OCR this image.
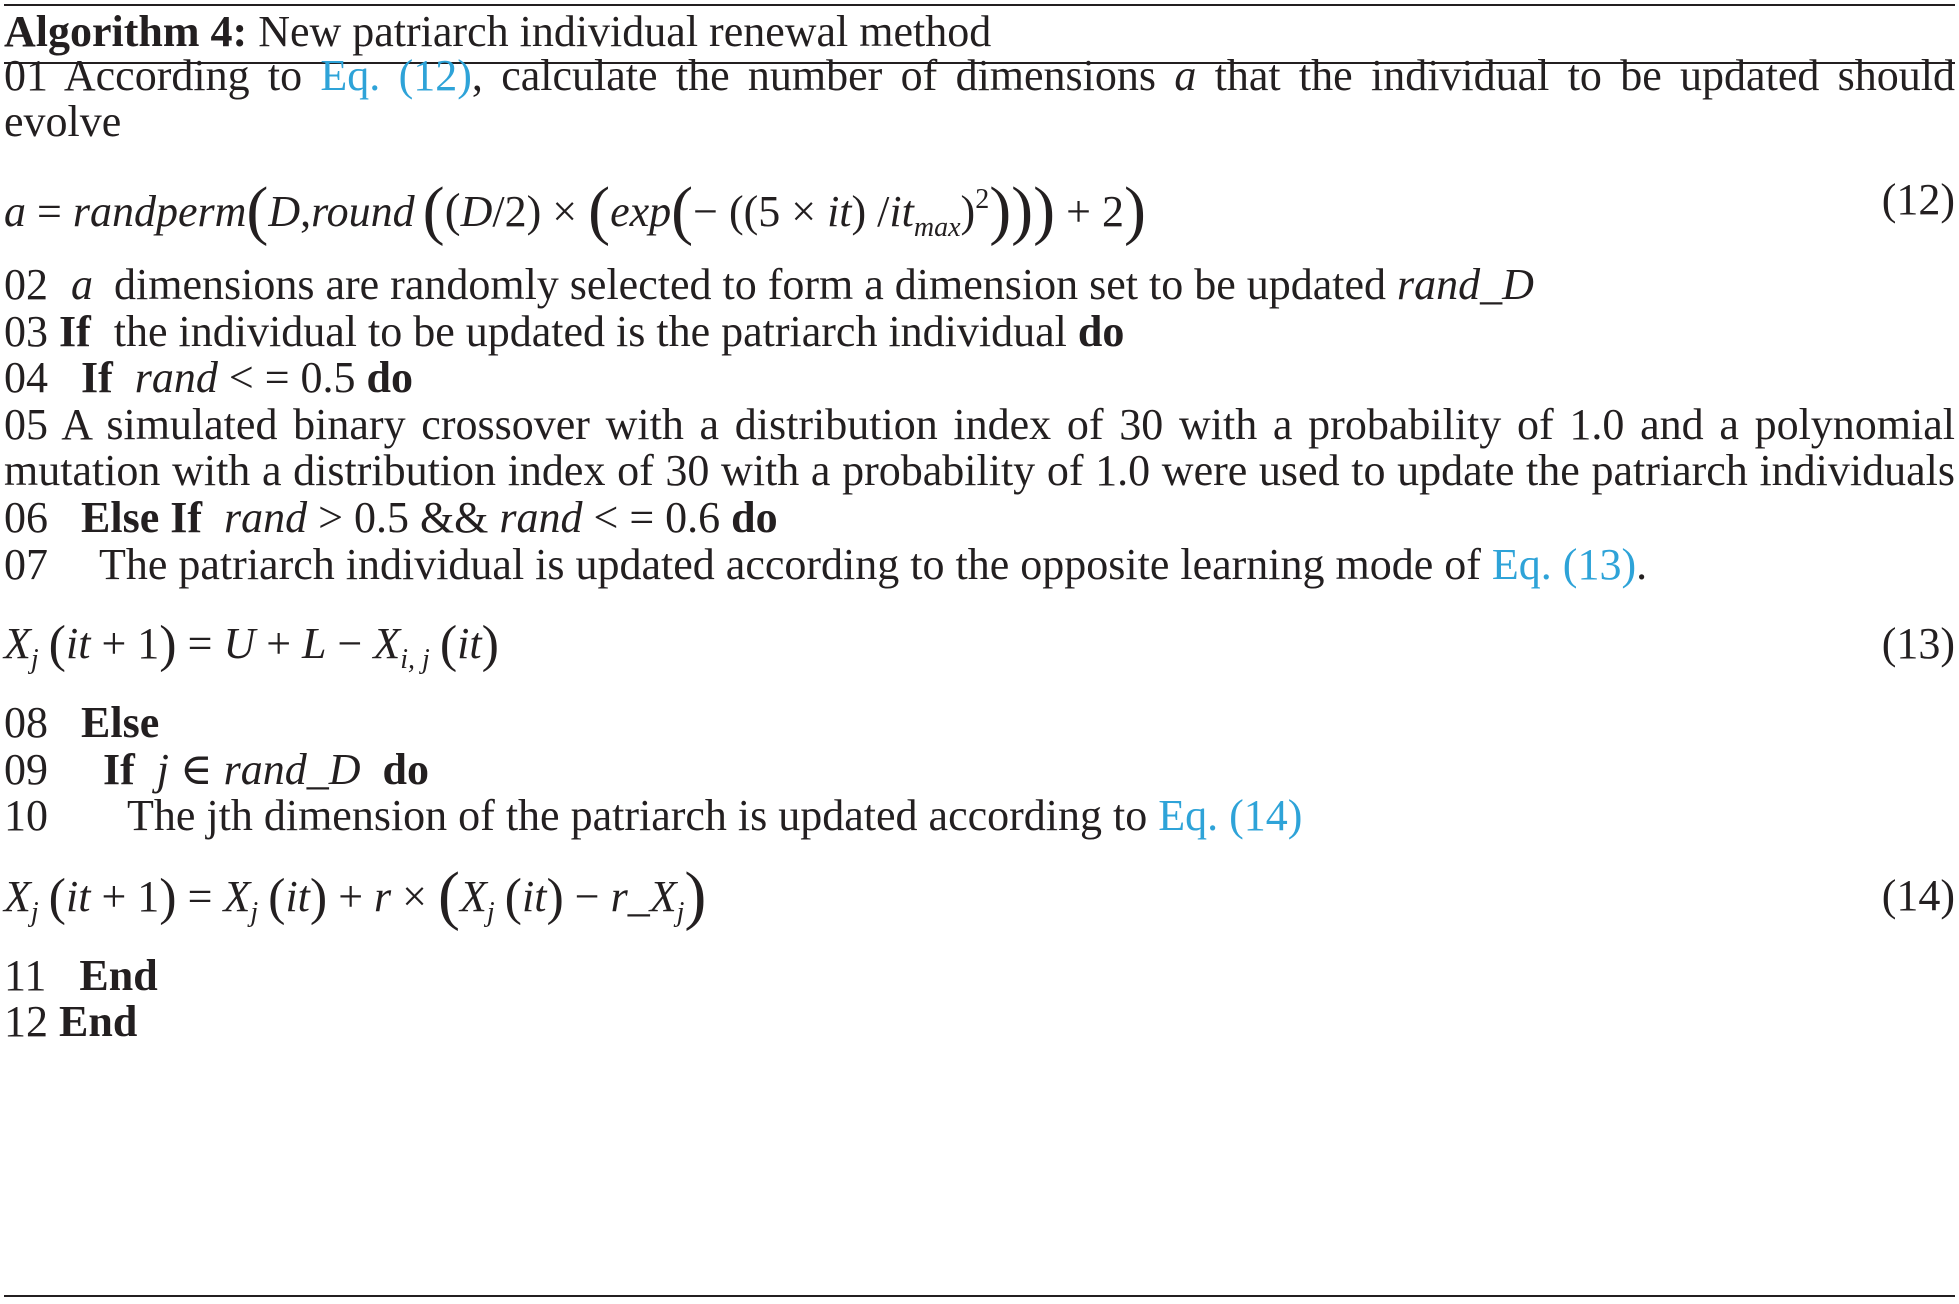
Algorithm 4: New patriarch individual renewal method
01 According to Eq. (12), calculate the number of dimensions a that the individual to be updated should
evolve
a = randperm(D,round ((D/2) × (exp(− ((5 × it) $/it_{max})^2))) + 2$)	(12)
02 a dimensions are randomly selected to form a dimension set to be updated rand_D
03 If the individual to be updated is the patriarch individual do
04 If rand < = 0.5 do
05 A simulated binary crossover with a distribution index of 30 with a probability of 1.0 and a polynomial
mutation with a distribution index of 30 with a probability of 1.0 were used to update the patriarch individuals
06 Else If rand > 0.5 && rand < = 0.6 do
07 The patriarch individual is updated according to the opposite learning mode of Eq. (13).
$X_j$ $(it + 1) = U + L - X_{i, j}$ (it)	(13)
08 Else
09 If j ∈ rand_D do
10 The jth dimension of the patriarch is updated according to Eq. (14)
$X_j$ $(it + 1) = X_j$ $(it) + r \times (X_j$ $(it) - r\_X_j$)	(14)
11 End
12 End
